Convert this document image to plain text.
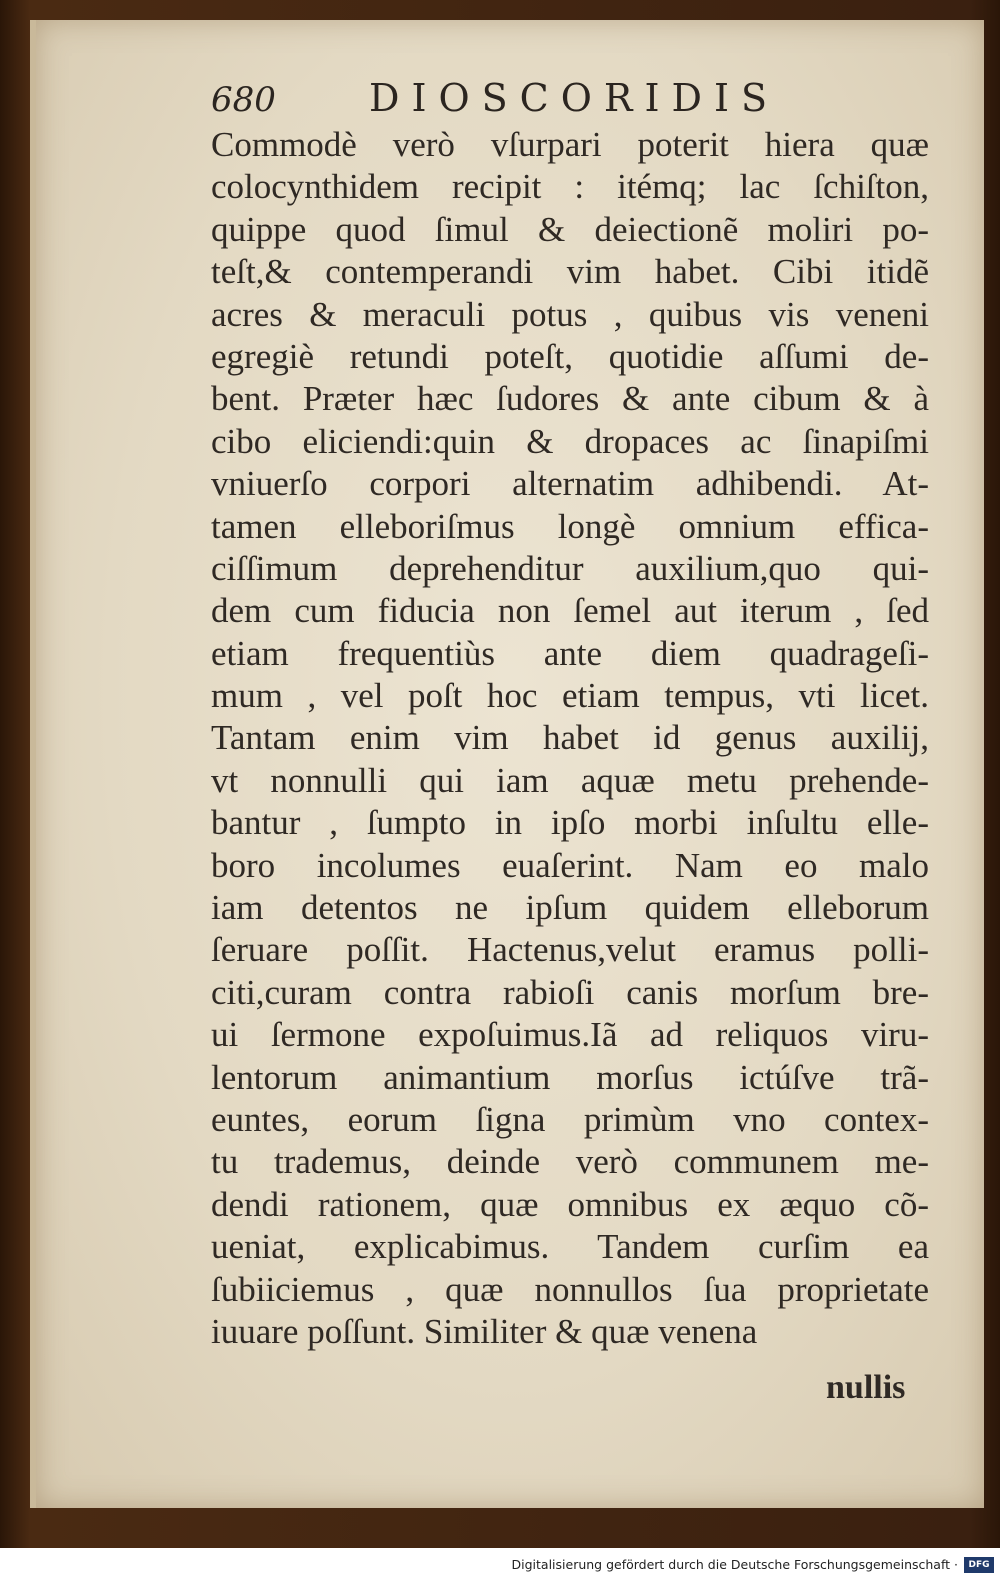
680 DIOSCORIDIS
Commodè verò vſurpari poterit hiera quæ
colocynthidem recipit : itémq; lac ſchiſton,
quippe quod ſimul & deiectionẽ moliri po-
teſt,& contemperandi vim habet. Cibi itidẽ
acres & meraculi potus , quibus vis veneni
egregiè retundi poteſt, quotidie aſſumi de-
bent. Præter hæc ſudores & ante cibum & à
cibo eliciendi:quin & dropaces ac ſinapiſmi
vniuerſo corpori alternatim adhibendi. At-
tamen elleboriſmus longè omnium effica-
ciſſimum deprehenditur auxilium,quo qui-
dem cum fiducia non ſemel aut iterum , ſed
etiam frequentiùs ante diem quadrageſi-
mum , vel poſt hoc etiam tempus, vti licet.
Tantam enim vim habet id genus auxilij,
vt nonnulli qui iam aquæ metu prehende-
bantur , ſumpto in ipſo morbi inſultu elle-
boro incolumes euaſerint. Nam eo malo
iam detentos ne ipſum quidem elleborum
ſeruare poſſit. Hactenus,velut eramus polli-
citi,curam contra rabioſi canis morſum bre-
ui ſermone expoſuimus.Iã ad reliquos viru-
lentorum animantium morſus ictúſve trã-
euntes, eorum ſigna primùm vno contex-
tu trademus, deinde verò communem me-
dendi rationem, quæ omnibus ex æquo cõ-
ueniat, explicabimus. Tandem curſim ea
ſubiiciemus , quæ nonnullos ſua proprietate
iuuare poſſunt. Similiter & quæ venena
nullis
Digitalisierung gefördert durch die Deutsche Forschungsgemeinschaft ·	DFG
